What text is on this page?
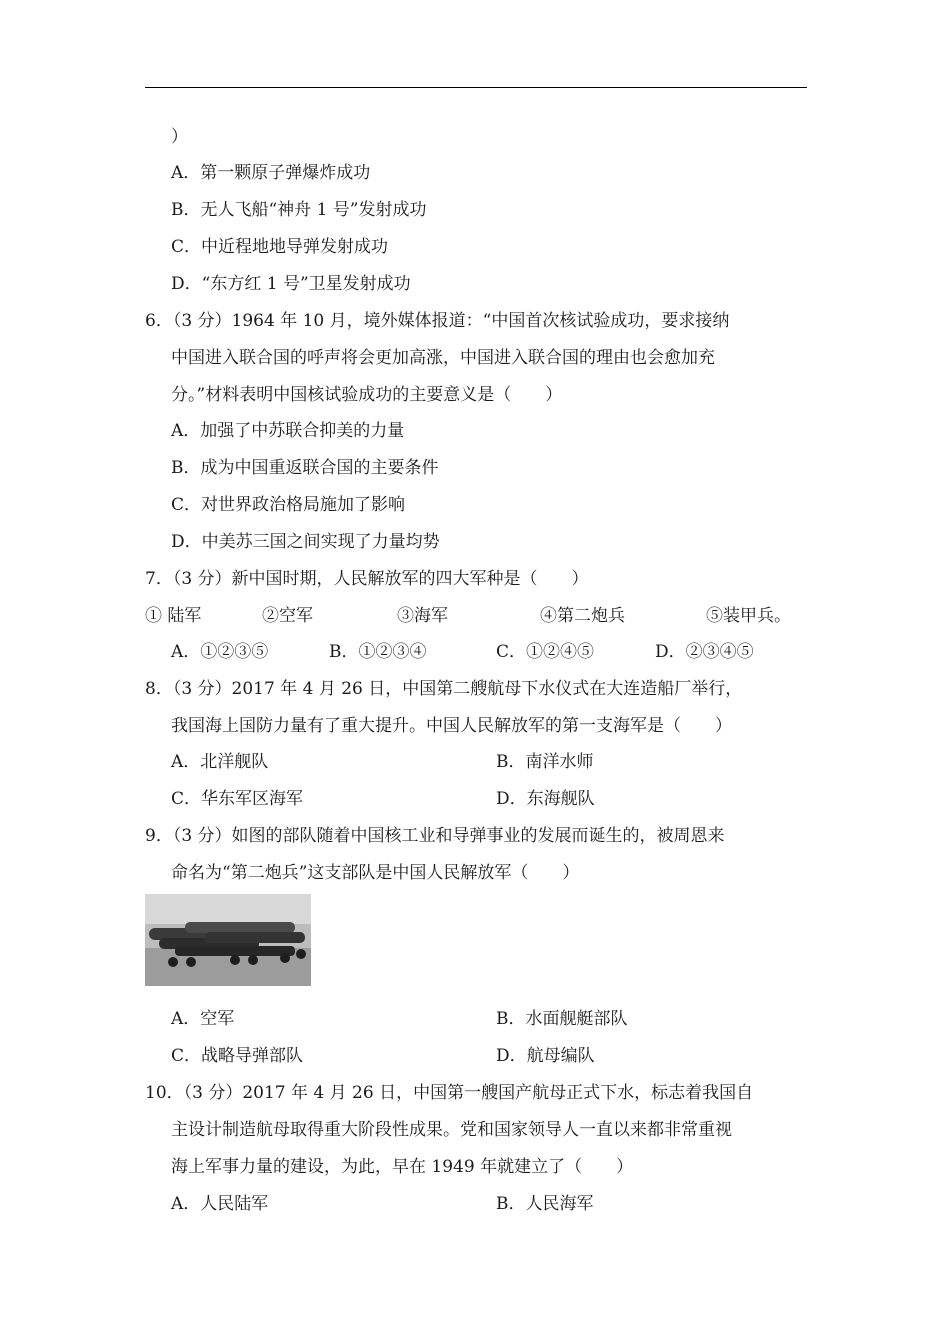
）
A．第一颗原子弹爆炸成功
B．无人飞船“神舟 1 号”发射成功
C．中近程地地导弹发射成功
D．“东方红 1 号”卫星发射成功
6．（3 分）1964 年 10 月，境外媒体报道：“中国首次核试验成功，要求接纳
中国进入联合国的呼声将会更加高涨，中国进入联合国的理由也会愈加充
分。”材料表明中国核试验成功的主要意义是（　　）
A．加强了中苏联合抑美的力量
B．成为中国重返联合国的主要条件
C．对世界政治格局施加了影响
D．中美苏三国之间实现了力量均势
7．（3 分）新中国时期，人民解放军的四大军种是（　　）
① 陆军	②空军	③海军	④第二炮兵	⑤装甲兵。
A．①②③⑤	B．①②③④	C．①②④⑤	D．②③④⑤
8．（3 分）2017 年 4 月 26 日，中国第二艘航母下水仪式在大连造船厂举行，
我国海上国防力量有了重大提升。中国人民解放军的第一支海军是（　　）
A．北洋舰队	B．南洋水师
C．华东军区海军	D．东海舰队
9．（3 分）如图的部队随着中国核工业和导弹事业的发展而诞生的，被周恩来
命名为“第二炮兵”这支部队是中国人民解放军（　　）
A．空军	B．水面舰艇部队
C．战略导弹部队	D．航母编队
10．（3 分）2017 年 4 月 26 日，中国第一艘国产航母正式下水，标志着我国自
主设计制造航母取得重大阶段性成果。党和国家领导人一直以来都非常重视
海上军事力量的建设，为此，早在 1949 年就建立了（　　）
A．人民陆军	B．人民海军
